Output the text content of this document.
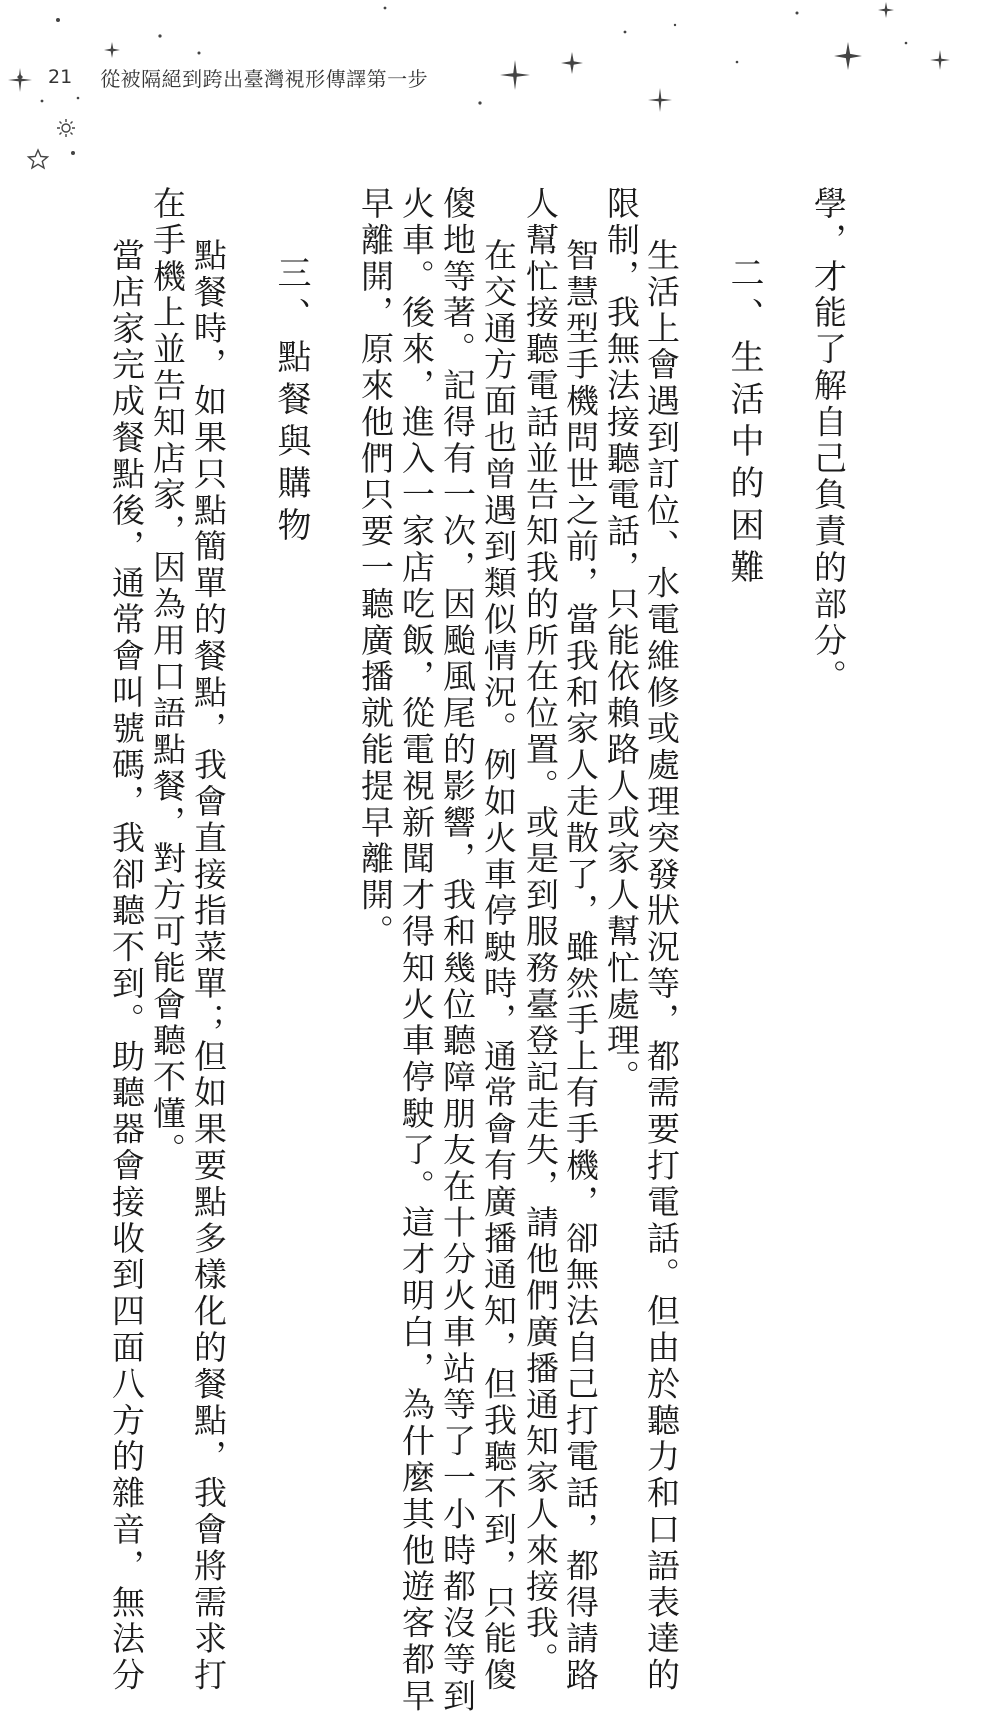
21 從被隔絕到跨出臺灣視形傳譯第一步
學，才能了解自己負責的部分。
二、生活中的困難
生活上會遇到訂位、水電維修或處理突發狀況等，都需要打電話。但由於聽力和口語表達的
限制，我無法接聽電話，只能依賴路人或家人幫忙處理。
智慧型手機問世之前，當我和家人走散了，雖然手上有手機，卻無法自己打電話，都得請路
人幫忙接聽電話並告知我的所在位置。或是到服務臺登記走失，請他們廣播通知家人來接我。
在交通方面也曾遇到類似情況。例如火車停駛時，通常會有廣播通知，但我聽不到，只能傻
傻地等著。記得有一次，因颱風尾的影響，我和幾位聽障朋友在十分火車站等了一小時都沒等到
火車。後來，進入一家店吃飯，從電視新聞才得知火車停駛了。這才明白，為什麼其他遊客都早
早離開，原來他們只要一聽廣播就能提早離開。
三、點餐與購物
點餐時，如果只點簡單的餐點，我會直接指菜單；但如果要點多樣化的餐點，我會將需求打
在手機上並告知店家，因為用口語點餐，對方可能會聽不懂。
當店家完成餐點後，通常會叫號碼，我卻聽不到。助聽器會接收到四面八方的雜音，無法分
